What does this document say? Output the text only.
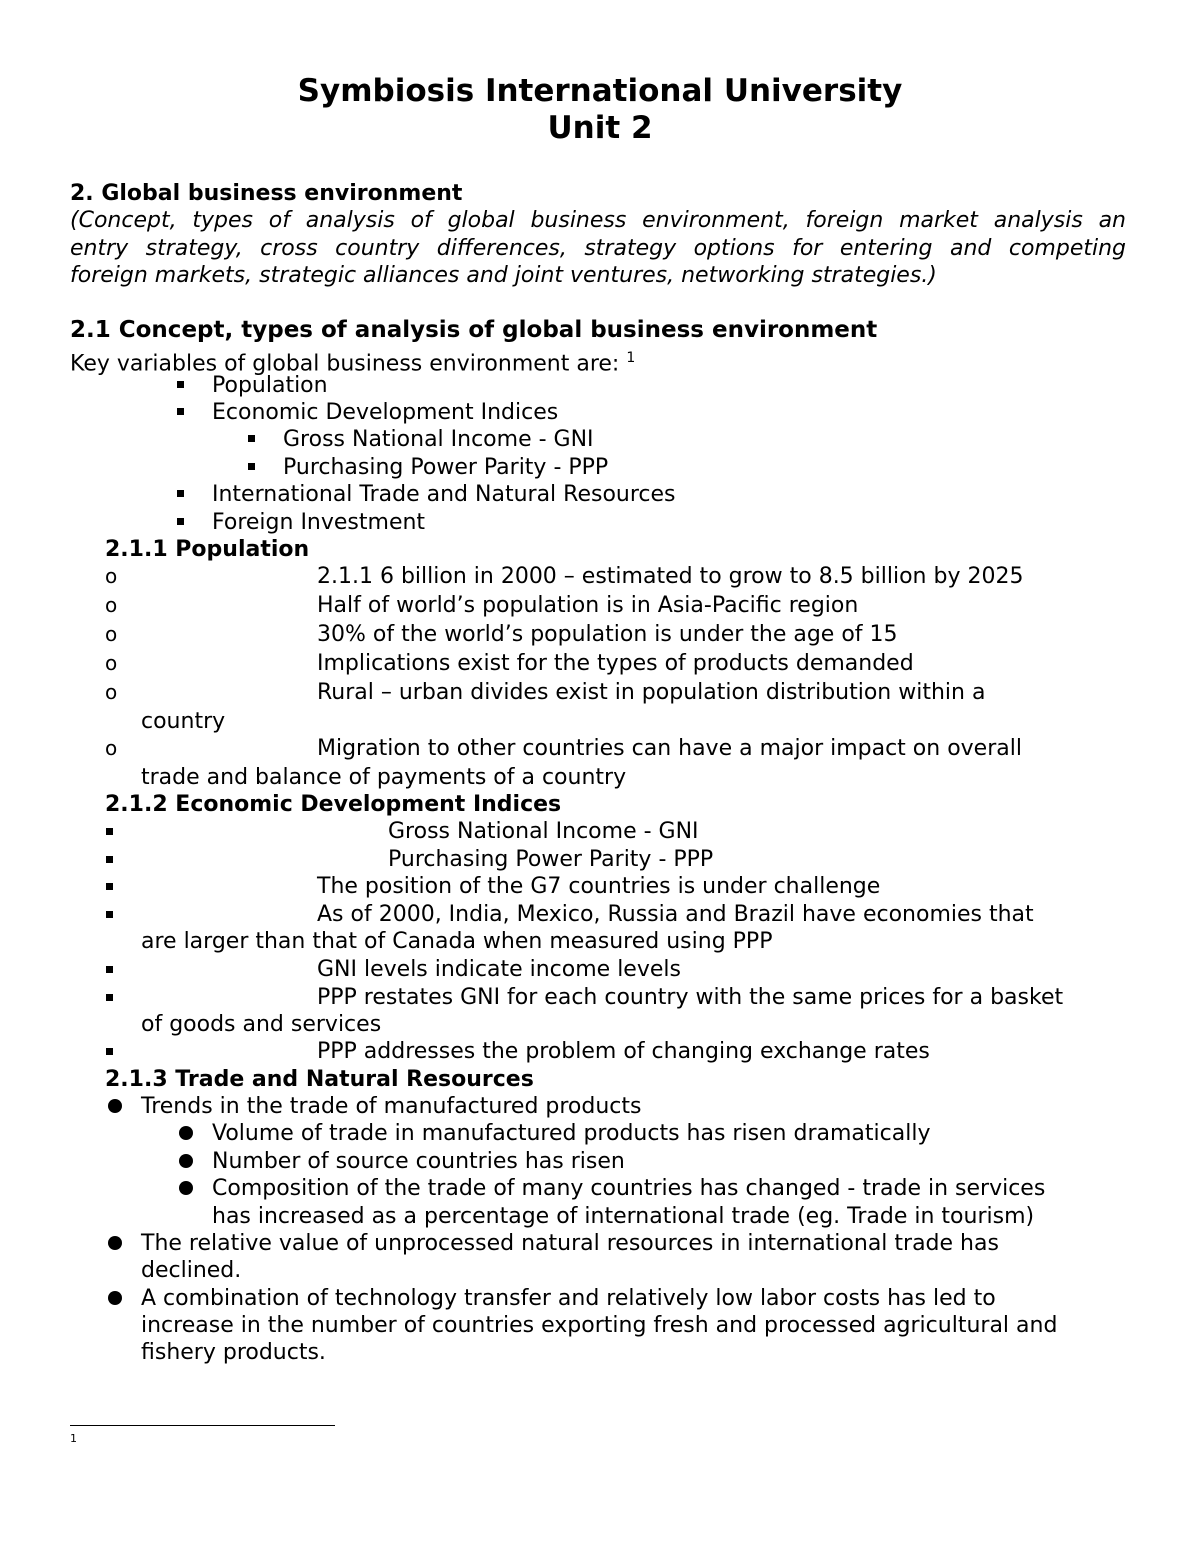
Symbiosis International University
Unit 2
2. Global business environment
(Concept, types of analysis of global business environment, foreign market analysis an
entry strategy, cross country differences, strategy options for entering and competing
foreign markets, strategic alliances and joint ventures, networking strategies.)
2.1 Concept, types of analysis of global business environment
Key variables of global business environment are: $^1$
Population
Economic Development Indices
Gross National Income - GNI
Purchasing Power Parity - PPP
International Trade and Natural Resources
Foreign Investment
2.1.1 Population
o	2.1.1 6 billion in 2000 – estimated to grow to 8.5 billion by 2025
o	Half of world’s population is in Asia-Pacific region
o	30% of the world’s population is under the age of 15
o	Implications exist for the types of products demanded
o	Rural – urban divides exist in population distribution within a
country
o	Migration to other countries can have a major impact on overall
trade and balance of payments of a country
2.1.2 Economic Development Indices
Gross National Income - GNI
Purchasing Power Parity - PPP
The position of the G7 countries is under challenge
As of 2000, India, Mexico, Russia and Brazil have economies that
are larger than that of Canada when measured using PPP
GNI levels indicate income levels
PPP restates GNI for each country with the same prices for a basket
of goods and services
PPP addresses the problem of changing exchange rates
2.1.3 Trade and Natural Resources
Trends in the trade of manufactured products
Volume of trade in manufactured products has risen dramatically
Number of source countries has risen
Composition of the trade of many countries has changed - trade in services
has increased as a percentage of international trade (eg. Trade in tourism)
The relative value of unprocessed natural resources in international trade has
declined.
A combination of technology transfer and relatively low labor costs has led to
increase in the number of countries exporting fresh and processed agricultural and
fishery products.
1
